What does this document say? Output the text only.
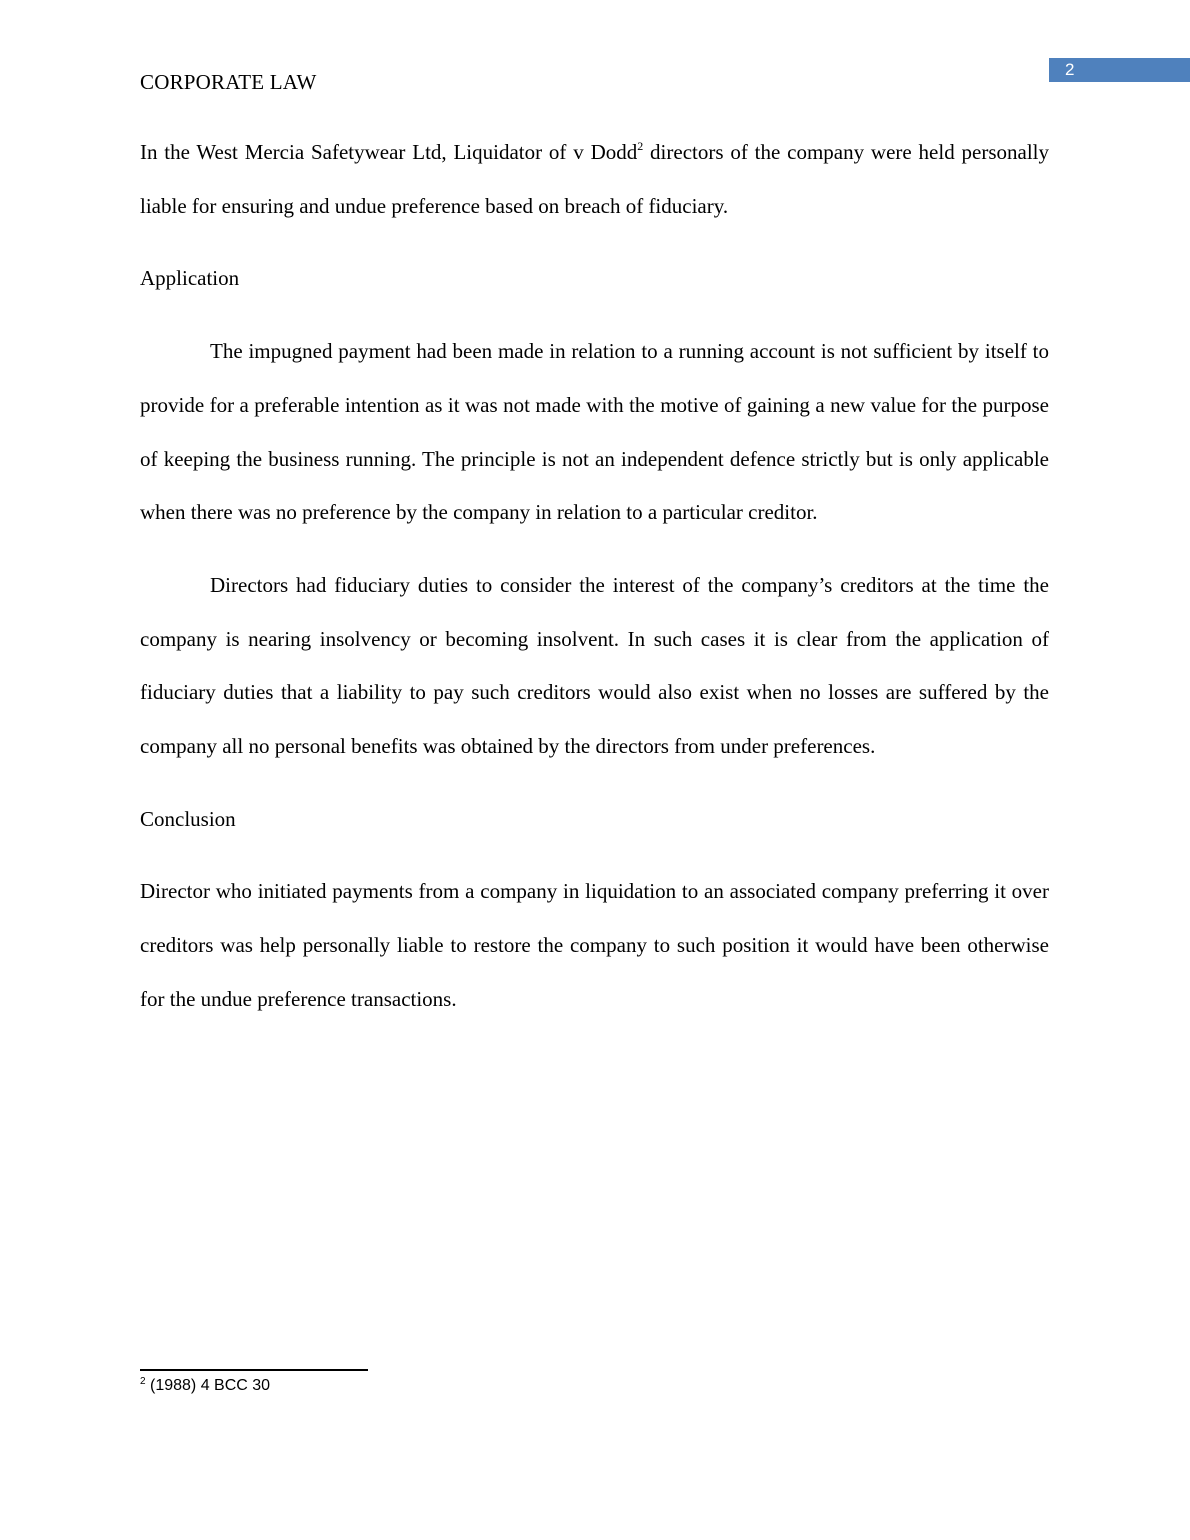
2
CORPORATE LAW

In the West Mercia Safetywear Ltd, Liquidator of v Dodd$^2$ directors of the company were held personally liable for ensuring and undue preference based on breach of fiduciary.

Application

The impugned payment had been made in relation to a running account is not sufficient by itself to provide for a preferable intention as it was not made with the motive of gaining a new value for the purpose of keeping the business running. The principle is not an independent defence strictly but is only applicable when there was no preference by the company in relation to a particular creditor.

Directors had fiduciary duties to consider the interest of the company’s creditors at the time the company is nearing insolvency or becoming insolvent. In such cases it is clear from the application of fiduciary duties that a liability to pay such creditors would also exist when no losses are suffered by the company all no personal benefits was obtained by the directors from under preferences.

Conclusion

Director who initiated payments from a company in liquidation to an associated company preferring it over creditors was help personally liable to restore the company to such position it would have been otherwise for the undue preference transactions.

$^2$ (1988) 4 BCC 30
